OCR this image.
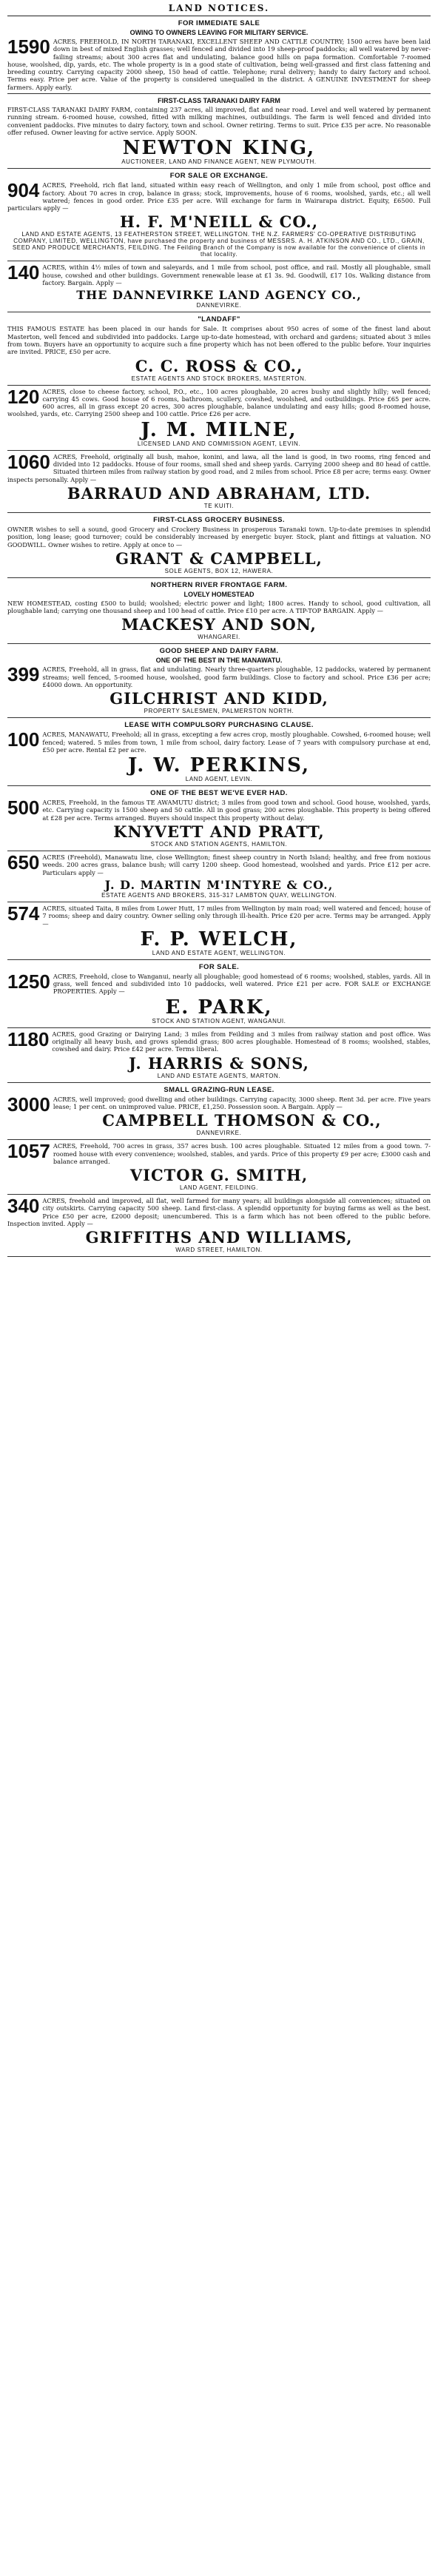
LAND NOTICES.
FOR IMMEDIATE SALE
OWING TO OWNERS LEAVING FOR MILITARY SERVICE.

1590 ACRES, FREEHOLD, IN NORTH TARANAKI, EXCELLENT SHEEP AND CATTLE COUNTRY; 1500 acres have been laid down in best of mixed English grasses; well fenced and divided into 19 sheep-proof paddocks; all well watered by never-failing streams; about 300 acres flat and undulating, balance good hills on papa formation. Comfortable 7-roomed house, woolshed, dip, yards, etc. The whole property is in a good state of cultivation, being well-grassed and first class fattening and breeding country. Carrying capacity 2000 sheep, 150 head of cattle. Telephone; rural delivery; handy to dairy factory and school. Terms easy. Price per acre. Value of the property is considered unequalled in the district. A GENUINE INVESTMENT for sheep farmers. Apply early.

FIRST-CLASS TARANAKI DAIRY FARM

FIRST-CLASS TARANAKI DAIRY FARM, containing 237 acres, all improved, flat and near road. Level and well watered by permanent running stream. 6-roomed house, cowshed, fitted with milking machines, outbuildings. The farm is well fenced and divided into convenient paddocks. Five minutes to dairy factory, town and school. Owner retiring. Terms to suit. Price £35 per acre. No reasonable offer refused. Owner leaving for active service. Apply SOON.

NEWTON KING,
AUCTIONEER, LAND AND FINANCE AGENT, NEW PLYMOUTH.
FOR SALE OR EXCHANGE.

904 ACRES, Freehold, rich flat land, situated within easy reach of Wellington, and only 1 mile from school, post office and factory. About 70 acres in crop, balance in grass; stock, improvements, house of 6 rooms, woolshed, yards, etc.; all well watered; fences in good order. Price £35 per acre. Will exchange for farm in Wairarapa district. Equity, £6500. Full particulars apply —

H. F. M'NEILL & CO.,
LAND AND ESTATE AGENTS, 13 FEATHERSTON STREET, WELLINGTON. THE N.Z. FARMERS' CO-OPERATIVE DISTRIBUTING COMPANY, LIMITED, WELLINGTON, have purchased the property and business of MESSRS. A. H. ATKINSON AND CO., LTD., GRAIN, SEED AND PRODUCE MERCHANTS, FEILDING. The Feilding Branch of the Company is now available for the convenience of clients in that locality.

140 ACRES, within 4½ miles of town and saleyards, and 1 mile from school, post office, and rail. Mostly all ploughable, small house, cowshed and other buildings. Government renewable lease at £1 3s. 9d. Goodwill, £17 10s. Walking distance from factory. Bargain. Apply —

THE DANNEVIRKE LAND AGENCY CO.,
DANNEVIRKE.
"LANDAFF"

THIS FAMOUS ESTATE has been placed in our hands for Sale. It comprises about 950 acres of some of the finest land about Masterton, well fenced and subdivided into paddocks. Large up-to-date homestead, with orchard and gardens; situated about 3 miles from town. Buyers have an opportunity to acquire such a fine property which has not been offered to the public before. Your inquiries are invited. PRICE, £50 per acre.

C. C. ROSS & CO.,
ESTATE AGENTS AND STOCK BROKERS, MASTERTON.

120 ACRES, close to cheese factory, school, P.O., etc., 100 acres ploughable, 20 acres bushy and slightly hilly; well fenced; carrying 45 cows. Good house of 6 rooms, bathroom, scullery, cowshed, woolshed, and outbuildings. Price £65 per acre. 600 acres, all in grass except 20 acres, 300 acres ploughable, balance undulating and easy hills; good 8-roomed house, woolshed, yards, etc. Carrying 2500 sheep and 100 cattle. Price £26 per acre.

J. M. MILNE,
LICENSED LAND AND COMMISSION AGENT, LEVIN.

1060 ACRES, Freehold, originally all bush, mahoe, konini, and lawa, all the land is good, in two rooms, ring fenced and divided into 12 paddocks. House of four rooms, small shed and sheep yards. Carrying 2000 sheep and 80 head of cattle. Situated thirteen miles from railway station by good road, and 2 miles from school. Price £8 per acre; terms easy. Owner inspects personally. Apply —

BARRAUD AND ABRAHAM, LTD.
TE KUITI.
FIRST-CLASS GROCERY BUSINESS.

OWNER wishes to sell a sound, good Grocery and Crockery Business in prosperous Taranaki town. Up-to-date premises in splendid position, long lease; good turnover; could be considerably increased by energetic buyer. Stock, plant and fittings at valuation. NO GOODWILL. Owner wishes to retire. Apply at once to —

GRANT & CAMPBELL,
SOLE AGENTS, BOX 12, HAWERA.
NORTHERN RIVER FRONTAGE FARM.
LOVELY HOMESTEAD

NEW HOMESTEAD, costing £500 to build; woolshed; electric power and light; 1800 acres. Handy to school, good cultivation, all ploughable land; carrying one thousand sheep and 100 head of cattle. Price £10 per acre. A TIP-TOP BARGAIN. Apply —

MACKESY AND SON,
WHANGAREI.
GOOD SHEEP AND DAIRY FARM.
ONE OF THE BEST IN THE MANAWATU.

399 ACRES, Freehold, all in grass, flat and undulating. Nearly three-quarters ploughable, 12 paddocks, watered by permanent streams; well fenced, 5-roomed house, woolshed, good farm buildings. Close to factory and school. Price £36 per acre; £4000 down. An opportunity.

GILCHRIST AND KIDD,
PROPERTY SALESMEN, PALMERSTON NORTH.
LEASE WITH COMPULSORY PURCHASING CLAUSE.

100 ACRES, MANAWATU, Freehold; all in grass, excepting a few acres crop, mostly ploughable. Cowshed, 6-roomed house; well fenced; watered. 5 miles from town, 1 mile from school, dairy factory. Lease of 7 years with compulsory purchase at end, £50 per acre. Rental £2 per acre.

J. W. PERKINS,
LAND AGENT, LEVIN.
ONE OF THE BEST WE'VE EVER HAD.

500 ACRES, Freehold, in the famous TE AWAMUTU district; 3 miles from good town and school. Good house, woolshed, yards, etc. Carrying capacity is 1500 sheep and 50 cattle. All in good grass; 200 acres ploughable. This property is being offered at £28 per acre. Terms arranged. Buyers should inspect this property without delay.

KNYVETT AND PRATT,
STOCK AND STATION AGENTS, HAMILTON.

650 ACRES (Freehold), Manawatu line, close Wellington; finest sheep country in North Island; healthy, and free from noxious weeds. 200 acres grass, balance bush; will carry 1200 sheep. Good homestead, woolshed and yards. Price £12 per acre. Particulars apply —

J. D. MARTIN M'INTYRE & CO.,
ESTATE AGENTS AND BROKERS, 315-317 LAMBTON QUAY, WELLINGTON.

574 ACRES, situated Taita, 8 miles from Lower Hutt, 17 miles from Wellington by main road; well watered and fenced; house of 7 rooms; sheep and dairy country. Owner selling only through ill-health. Price £20 per acre. Terms may be arranged. Apply —

F. P. WELCH,
LAND AND ESTATE AGENT, WELLINGTON.
FOR SALE.

1250 ACRES, Freehold, close to Wanganui, nearly all ploughable; good homestead of 6 rooms; woolshed, stables, yards. All in grass, well fenced and subdivided into 10 paddocks, well watered. Price £21 per acre. FOR SALE or EXCHANGE PROPERTIES. Apply —

E. PARK,
STOCK AND STATION AGENT, WANGANUI.

1180 ACRES, good Grazing or Dairying Land; 3 miles from Feilding and 3 miles from railway station and post office. Was originally all heavy bush, and grows splendid grass; 800 acres ploughable. Homestead of 8 rooms; woolshed, stables, cowshed and dairy. Price £42 per acre. Terms liberal.

J. HARRIS & SONS,
LAND AND ESTATE AGENTS, MARTON.
SMALL GRAZING-RUN LEASE.

3000 ACRES, well improved; good dwelling and other buildings. Carrying capacity, 3000 sheep. Rent 3d. per acre. Five years lease; 1 per cent. on unimproved value. PRICE, £1,250. Possession soon. A Bargain. Apply —

CAMPBELL THOMSON & CO.,
DANNEVIRKE.

1057 ACRES, Freehold, 700 acres in grass, 357 acres bush. 100 acres ploughable. Situated 12 miles from a good town. 7-roomed house with every convenience; woolshed, stables, and yards. Price of this property £9 per acre; £3000 cash and balance arranged.

VICTOR G. SMITH,
LAND AGENT, FEILDING.

340 ACRES, freehold and improved, all flat, well farmed for many years; all buildings alongside all conveniences; situated on city outskirts. Carrying capacity 500 sheep. Land first-class. A splendid opportunity for buying farms as well as the best. Price £50 per acre, £2000 deposit; unencumbered. This is a farm which has not been offered to the public before. Inspection invited. Apply —

GRIFFITHS AND WILLIAMS,
WARD STREET, HAMILTON.
